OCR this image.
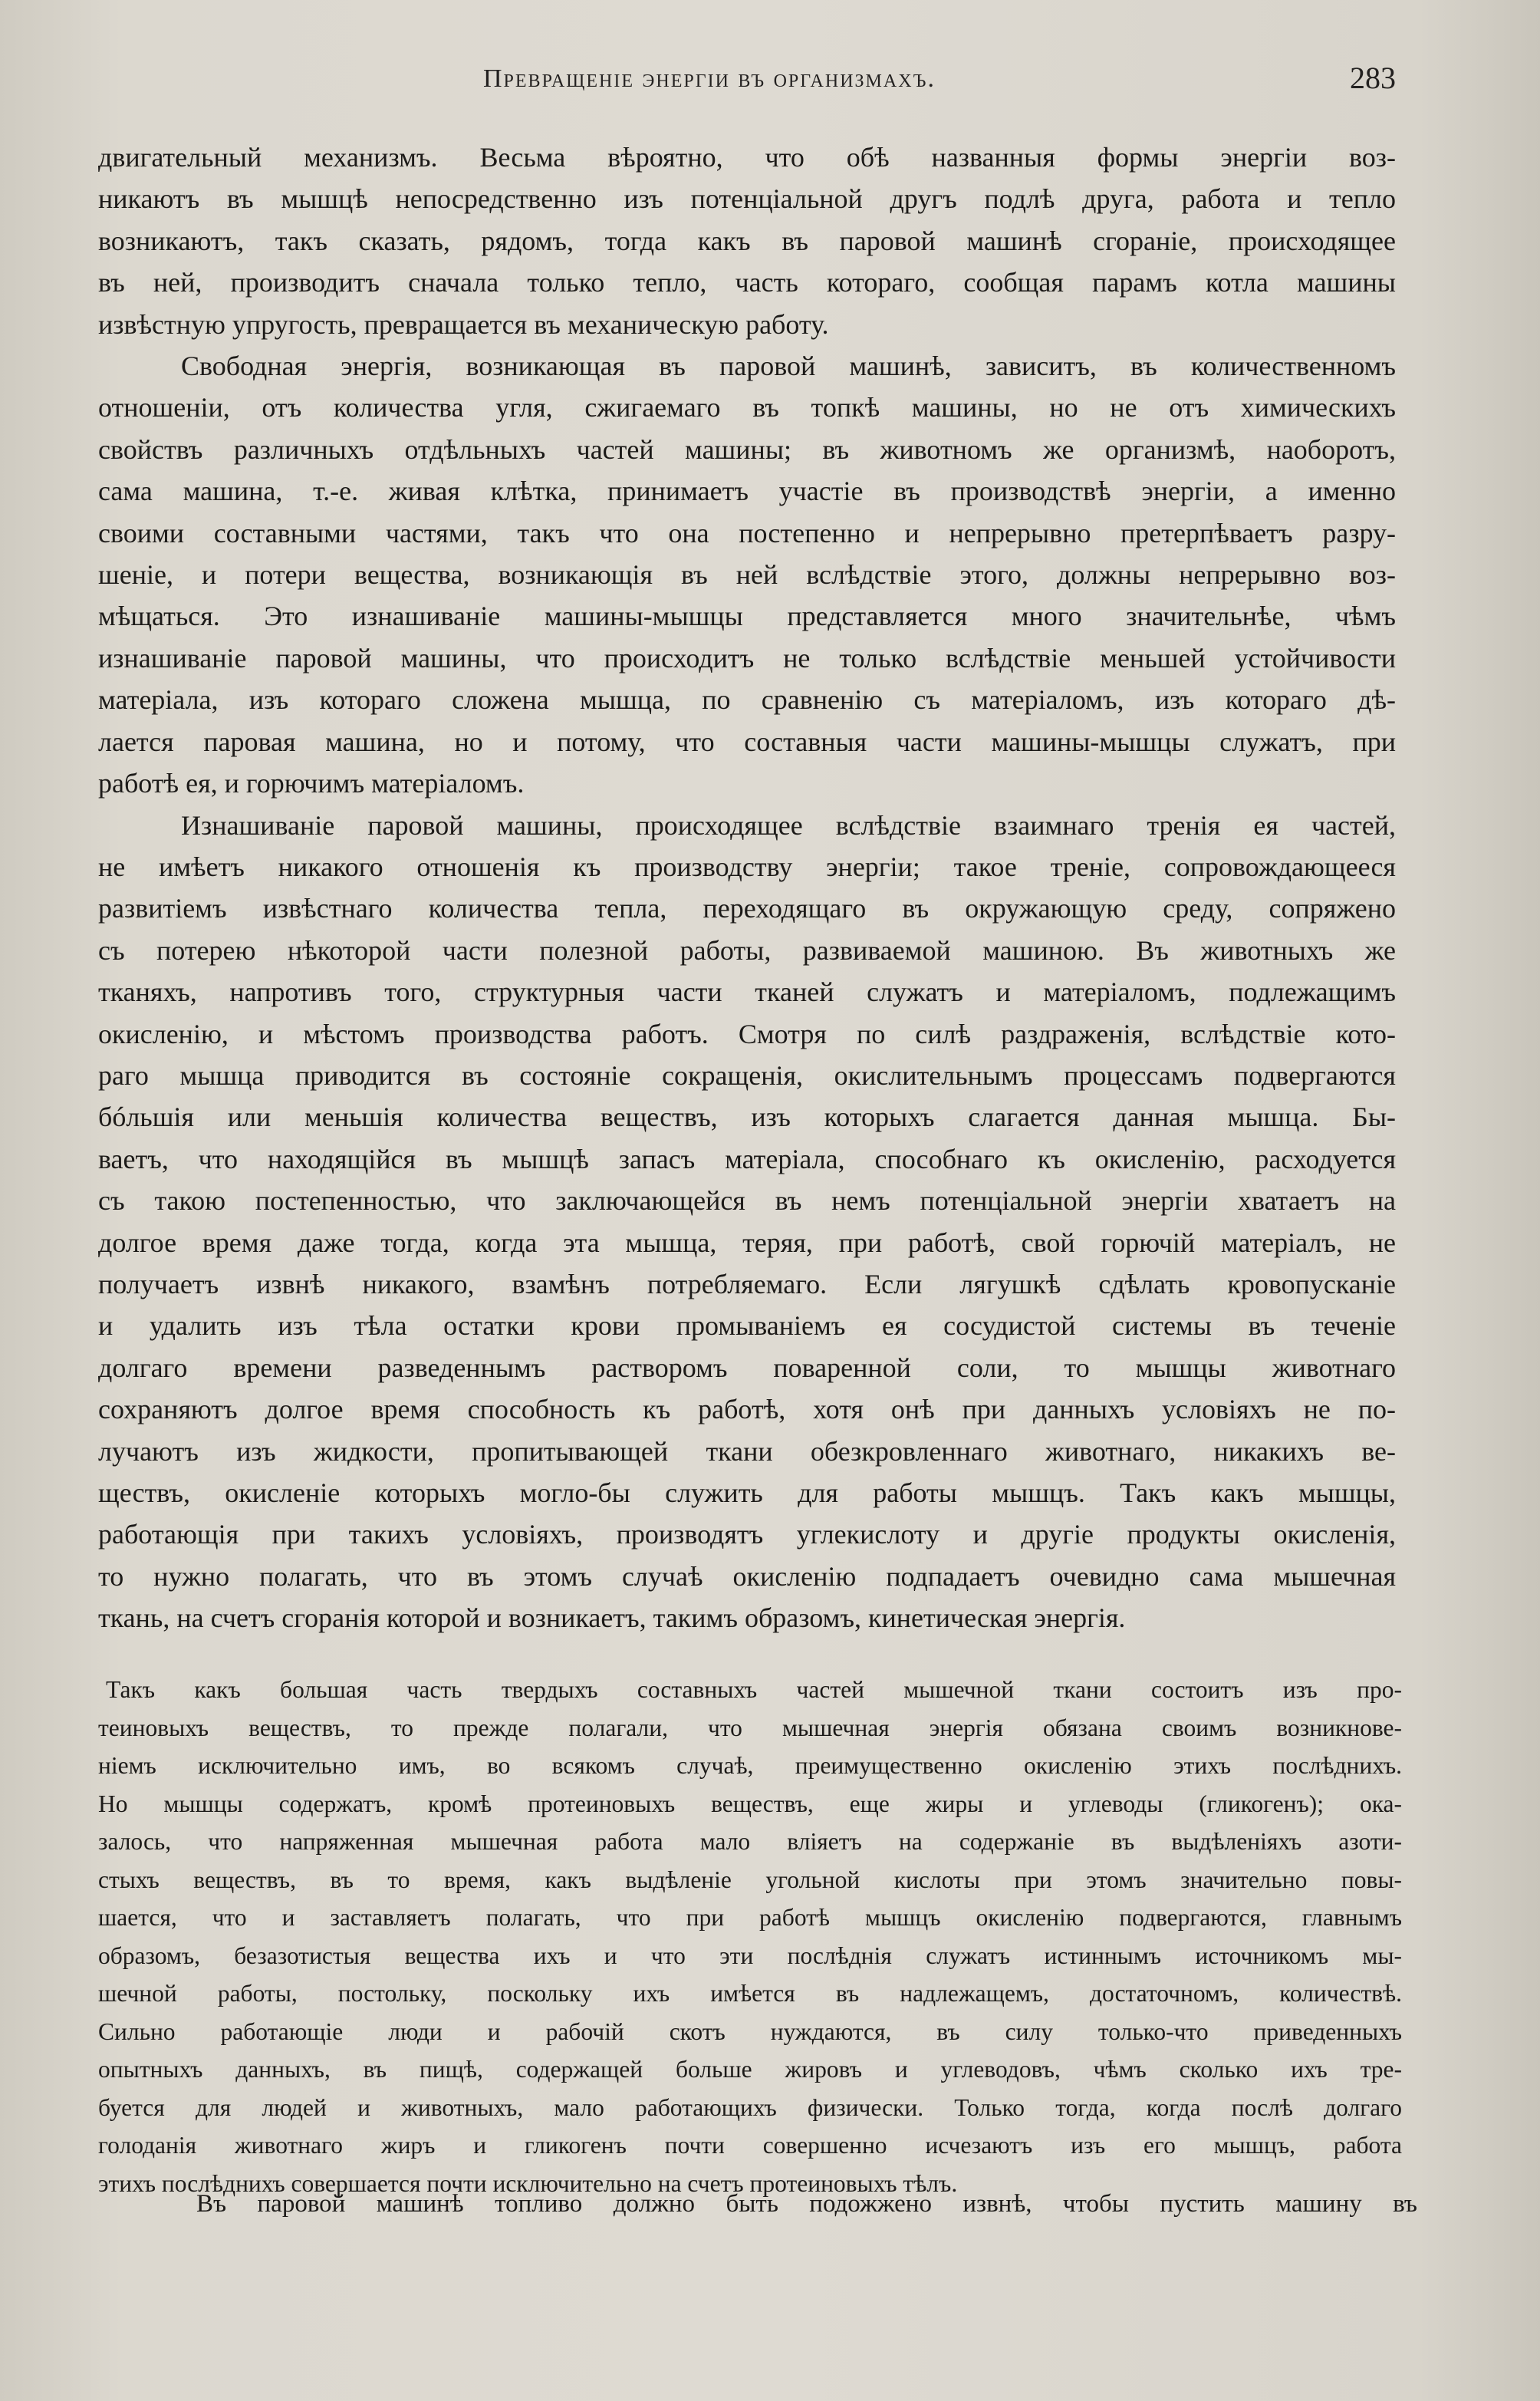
Превращеніе энергіи въ организмахъ.	283

двигательный механизмъ. Весьма вѣроятно, что обѣ названныя формы энергіи воз-
никаютъ въ мышцѣ непосредственно изъ потенціальной другъ подлѣ друга, работа и тепло
возникаютъ, такъ сказать, рядомъ, тогда какъ въ паровой машинѣ сгораніе, происходящее
въ ней, производитъ сначала только тепло, часть котораго, сообщая парамъ котла машины
извѣстную упругость, превращается въ механическую работу.

Свободная энергія, возникающая въ паровой машинѣ, зависитъ, въ количественномъ
отношеніи, отъ количества угля, сжигаемаго въ топкѣ машины, но не отъ химическихъ
свойствъ различныхъ отдѣльныхъ частей машины; въ животномъ же организмѣ, наоборотъ,
сама машина, т.-е. живая клѣтка, принимаетъ участіе въ производствѣ энергіи, а именно
своими составными частями, такъ что она постепенно и непрерывно претерпѣваетъ разру-
шеніе, и потери вещества, возникающія въ ней вслѣдствіе этого, должны непрерывно воз-
мѣщаться. Это изнашиваніе машины-мышцы представляется много значительнѣе, чѣмъ
изнашиваніе паровой машины, что происходитъ не только вслѣдствіе меньшей устойчивости
матеріала, изъ котораго сложена мышца, по сравненію съ матеріаломъ, изъ котораго дѣ-
лается паровая машина, но и потому, что составныя части машины-мышцы служатъ, при
работѣ ея, и горючимъ матеріаломъ.

Изнашиваніе паровой машины, происходящее вслѣдствіе взаимнаго тренія ея частей,
не имѣетъ никакого отношенія къ производству энергіи; такое треніе, сопровождающееся
развитіемъ извѣстнаго количества тепла, переходящаго въ окружающую среду, сопряжено
съ потерею нѣкоторой части полезной работы, развиваемой машиною. Въ животныхъ же
тканяхъ, напротивъ того, структурныя части тканей служатъ и матеріаломъ, подлежащимъ
окисленію, и мѣстомъ производства работъ. Смотря по силѣ раздраженія, вслѣдствіе кото-
раго мышца приводится въ состояніе сокращенія, окислительнымъ процессамъ подвергаются
бóльшія или меньшія количества веществъ, изъ которыхъ слагается данная мышца. Бы-
ваетъ, что находящійся въ мышцѣ запасъ матеріала, способнаго къ окисленію, расходуется
съ такою постепенностью, что заключающейся въ немъ потенціальной энергіи хватаетъ на
долгое время даже тогда, когда эта мышца, теряя, при работѣ, свой горючій матеріалъ, не
получаетъ извнѣ никакого, взамѣнъ потребляемаго. Если лягушкѣ сдѣлать кровопусканіе
и удалить изъ тѣла остатки крови промываніемъ ея сосудистой системы въ теченіе
долгаго времени разведеннымъ растворомъ поваренной соли, то мышцы животнаго
сохраняютъ долгое время способность къ работѣ, хотя онѣ при данныхъ условіяхъ не по-
лучаютъ изъ жидкости, пропитывающей ткани обезкровленнаго животнаго, никакихъ ве-
ществъ, окисленіе которыхъ могло-бы служить для работы мышцъ. Такъ какъ мышцы,
работающія при такихъ условіяхъ, производятъ углекислоту и другіе продукты окисленія,
то нужно полагать, что въ этомъ случаѣ окисленію подпадаетъ очевидно сама мышечная
ткань, на счетъ сгоранія которой и возникаетъ, такимъ образомъ, кинетическая энергія.

Такъ какъ большая часть твердыхъ составныхъ частей мышечной ткани состоитъ изъ про-
теиновыхъ веществъ, то прежде полагали, что мышечная энергія обязана своимъ возникнове-
ніемъ исключительно имъ, во всякомъ случаѣ, преимущественно окисленію этихъ послѣднихъ.
Но мышцы содержатъ, кромѣ протеиновыхъ веществъ, еще жиры и углеводы (гликогенъ); ока-
залось, что напряженная мышечная работа мало вліяетъ на содержаніе въ выдѣленіяхъ азоти-
стыхъ веществъ, въ то время, какъ выдѣленіе угольной кислоты при этомъ значительно повы-
шается, что и заставляетъ полагать, что при работѣ мышцъ окисленію подвергаются, главнымъ
образомъ, безазотистыя вещества ихъ и что эти послѣднія служатъ истиннымъ источникомъ мы-
шечной работы, постольку, поскольку ихъ имѣется въ надлежащемъ, достаточномъ, количествѣ.
Сильно работающіе люди и рабочій скотъ нуждаются, въ силу только-что приведенныхъ
опытныхъ данныхъ, въ пищѣ, содержащей больше жировъ и углеводовъ, чѣмъ сколько ихъ тре-
буется для людей и животныхъ, мало работающихъ физически. Только тогда, когда послѣ долгаго
голоданія животнаго жиръ и гликогенъ почти совершенно исчезаютъ изъ его мышцъ, работа
этихъ послѣднихъ совершается почти исключительно на счетъ протеиновыхъ тѣлъ.

Въ паровой машинѣ топливо должно быть подожжено извнѣ, чтобы пустить машину въ
